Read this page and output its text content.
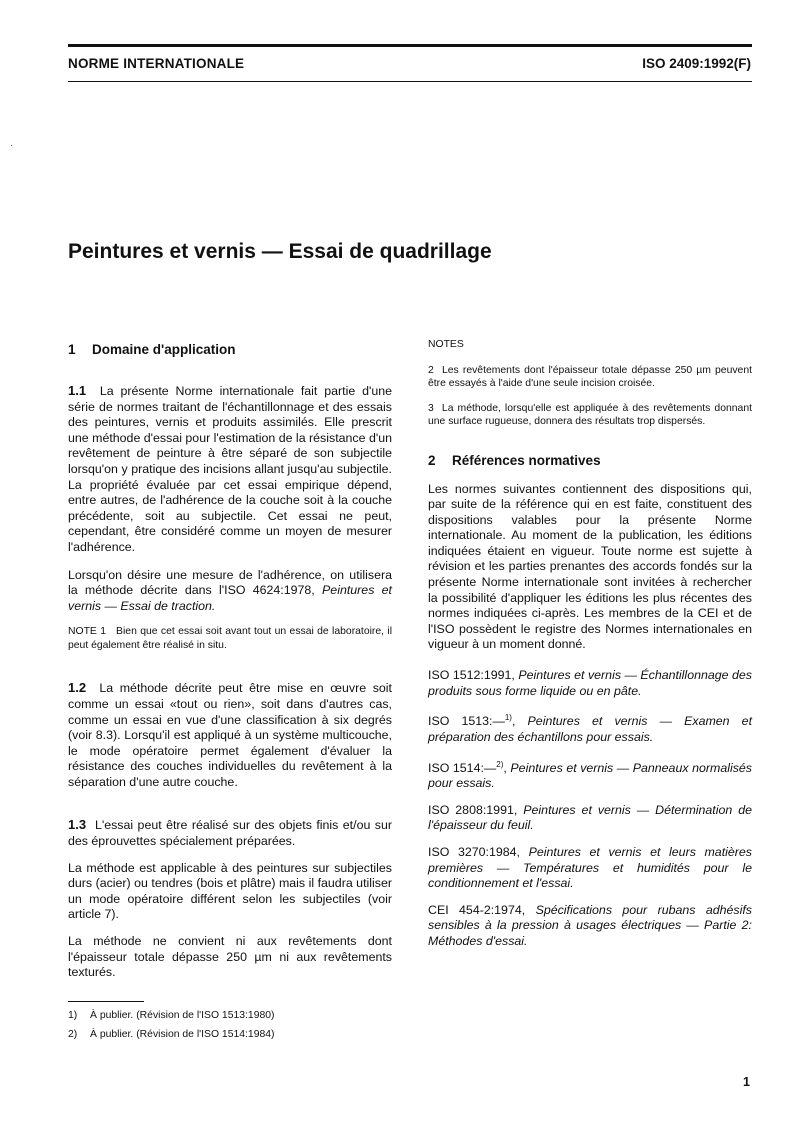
NORME INTERNATIONALE	ISO 2409:1992(F)
·
Peintures et vernis — Essai de quadrillage
1 Domaine d'application

1.1 La présente Norme internationale fait partie d'une série de normes traitant de l'échantillonnage et des essais des peintures, vernis et produits assimilés. Elle prescrit une méthode d'essai pour l'estimation de la résistance d'un revêtement de peinture à être séparé de son subjectile lorsqu'on y pratique des incisions allant jusqu'au subjectile. La propriété évaluée par cet essai empirique dépend, entre autres, de l'adhérence de la couche soit à la couche précédente, soit au subjectile. Cet essai ne peut, cependant, être considéré comme un moyen de mesurer l'adhérence.

Lorsqu'on désire une mesure de l'adhérence, on utilisera la méthode décrite dans l'ISO 4624:1978, Peintures et vernis — Essai de traction.

NOTE 1 Bien que cet essai soit avant tout un essai de laboratoire, il peut également être réalisé in situ.

1.2 La méthode décrite peut être mise en œuvre soit comme un essai «tout ou rien», soit dans d'autres cas, comme un essai en vue d'une classification à six degrés (voir 8.3). Lorsqu'il est appliqué à un système multicouche, le mode opératoire permet également d'évaluer la résistance des couches individuelles du revêtement à la séparation d'une autre couche.

1.3 L'essai peut être réalisé sur des objets finis et/ou sur des éprouvettes spécialement préparées.

La méthode est applicable à des peintures sur subjectiles durs (acier) ou tendres (bois et plâtre) mais il faudra utiliser un mode opératoire différent selon les subjectiles (voir article 7).

La méthode ne convient ni aux revêtements dont l'épaisseur totale dépasse 250 µm ni aux revêtements texturés.

NOTES

2 Les revêtements dont l'épaisseur totale dépasse 250 µm peuvent être essayés à l'aide d'une seule incision croisée.

3 La méthode, lorsqu'elle est appliquée à des revêtements donnant une surface rugueuse, donnera des résultats trop dispersés.

2 Références normatives

Les normes suivantes contiennent des dispositions qui, par suite de la référence qui en est faite, constituent des dispositions valables pour la présente Norme internationale. Au moment de la publication, les éditions indiquées étaient en vigueur. Toute norme est sujette à révision et les parties prenantes des accords fondés sur la présente Norme internationale sont invitées à rechercher la possibilité d'appliquer les éditions les plus récentes des normes indiquées ci-après. Les membres de la CEI et de l'ISO possèdent le registre des Normes internationales en vigueur à un moment donné.

ISO 1512:1991, Peintures et vernis — Échantillonnage des produits sous forme liquide ou en pâte.

ISO 1513:—$^{1)}$, Peintures et vernis — Examen et préparation des échantillons pour essais.

ISO 1514:—$^{2)}$, Peintures et vernis — Panneaux normalisés pour essais.

ISO 2808:1991, Peintures et vernis — Détermination de l'épaisseur du feuil.

ISO 3270:1984, Peintures et vernis et leurs matières premières — Températures et humidités pour le conditionnement et l'essai.

CEI 454-2:1974, Spécifications pour rubans adhésifs sensibles à la pression à usages électriques — Partie 2: Méthodes d'essai.

1) À publier. (Révision de l'ISO 1513:1980)
2) À publier. (Révision de l'ISO 1514:1984)
1
